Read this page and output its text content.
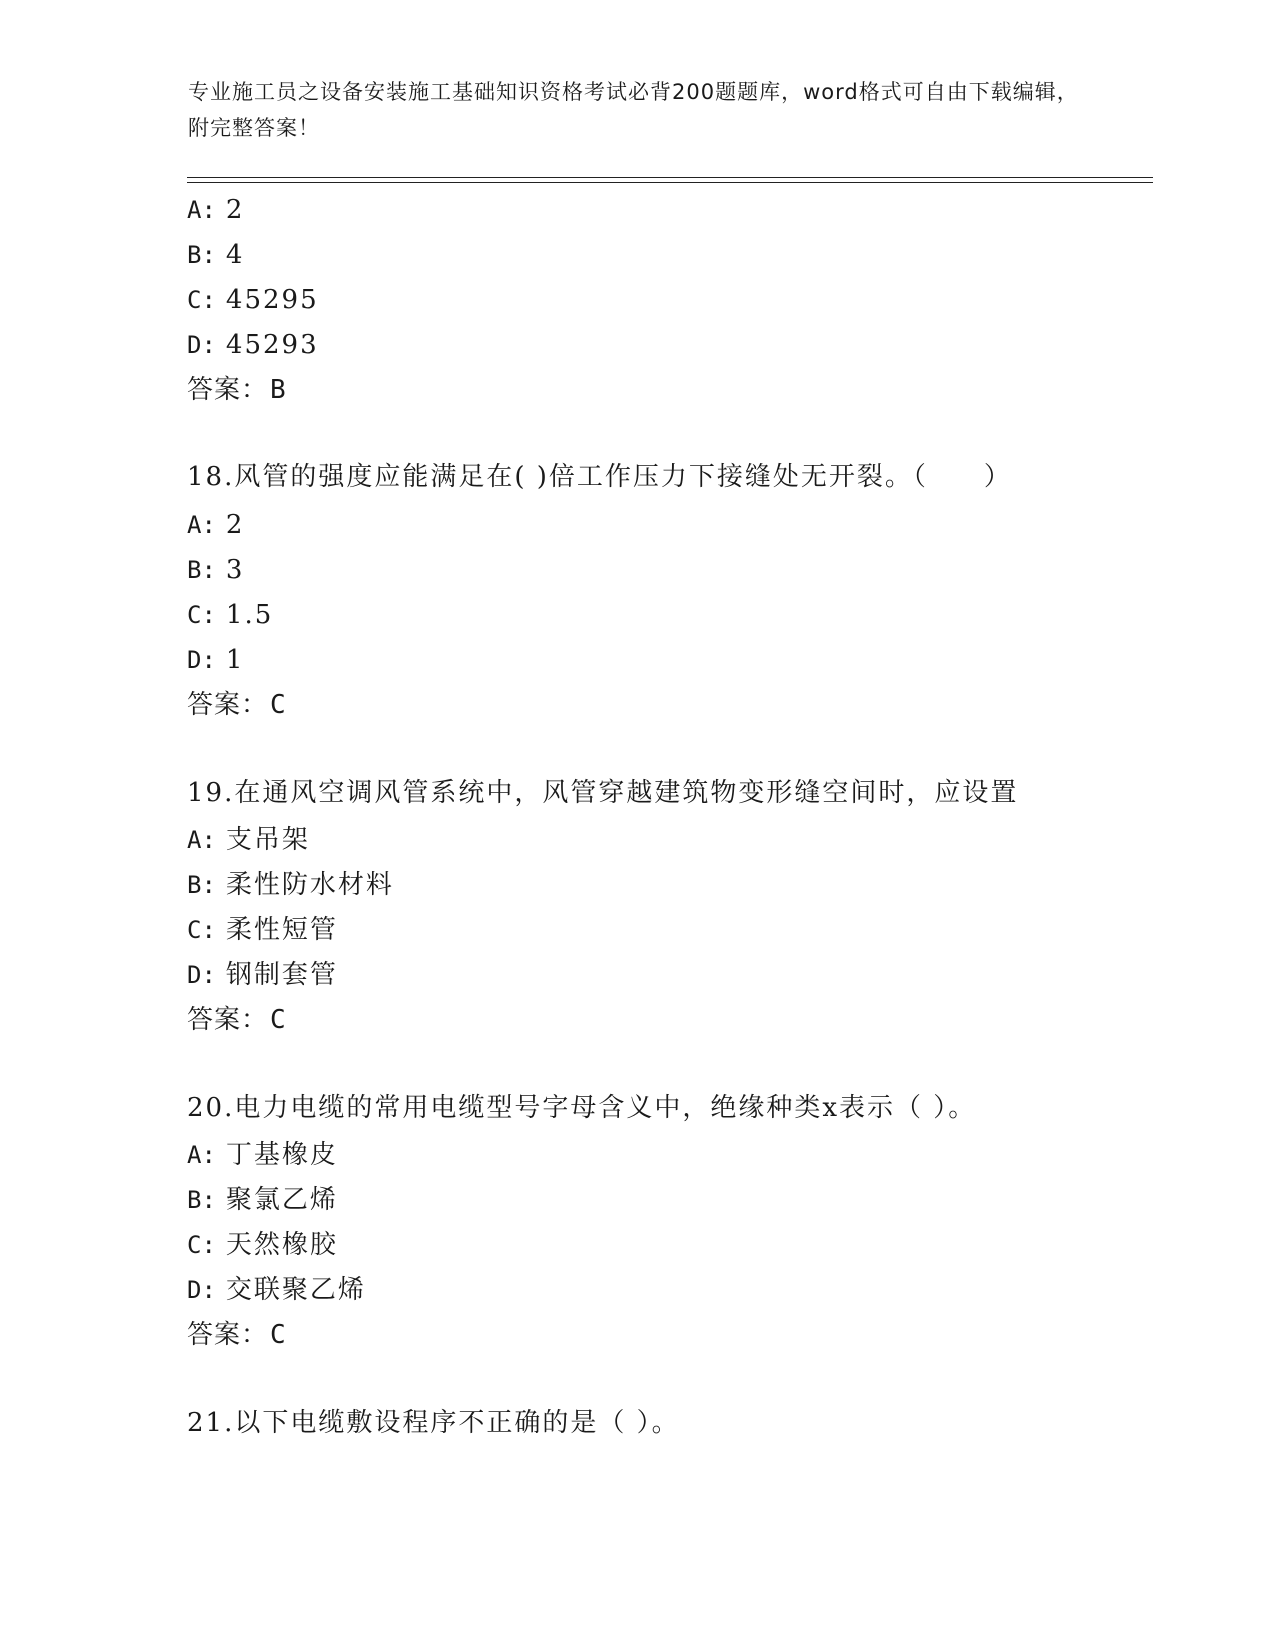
专业施工员之设备安装施工基础知识资格考试必背200题题库，word格式可自由下载编辑，附完整答案！
A: 2
B: 4
C: 45295
D: 45293
答案：B
18.风管的强度应能满足在( )倍工作压力下接缝处无开裂。（　　）
A: 2
B: 3
C: 1.5
D: 1
答案：C
19.在通风空调风管系统中，风管穿越建筑物变形缝空间时，应设置
A: 支吊架
B: 柔性防水材料
C: 柔性短管
D: 钢制套管
答案：C
20.电力电缆的常用电缆型号字母含义中，绝缘种类x表示（ ）。
A: 丁基橡皮
B: 聚氯乙烯
C: 天然橡胶
D: 交联聚乙烯
答案：C
21.以下电缆敷设程序不正确的是（ ）。
